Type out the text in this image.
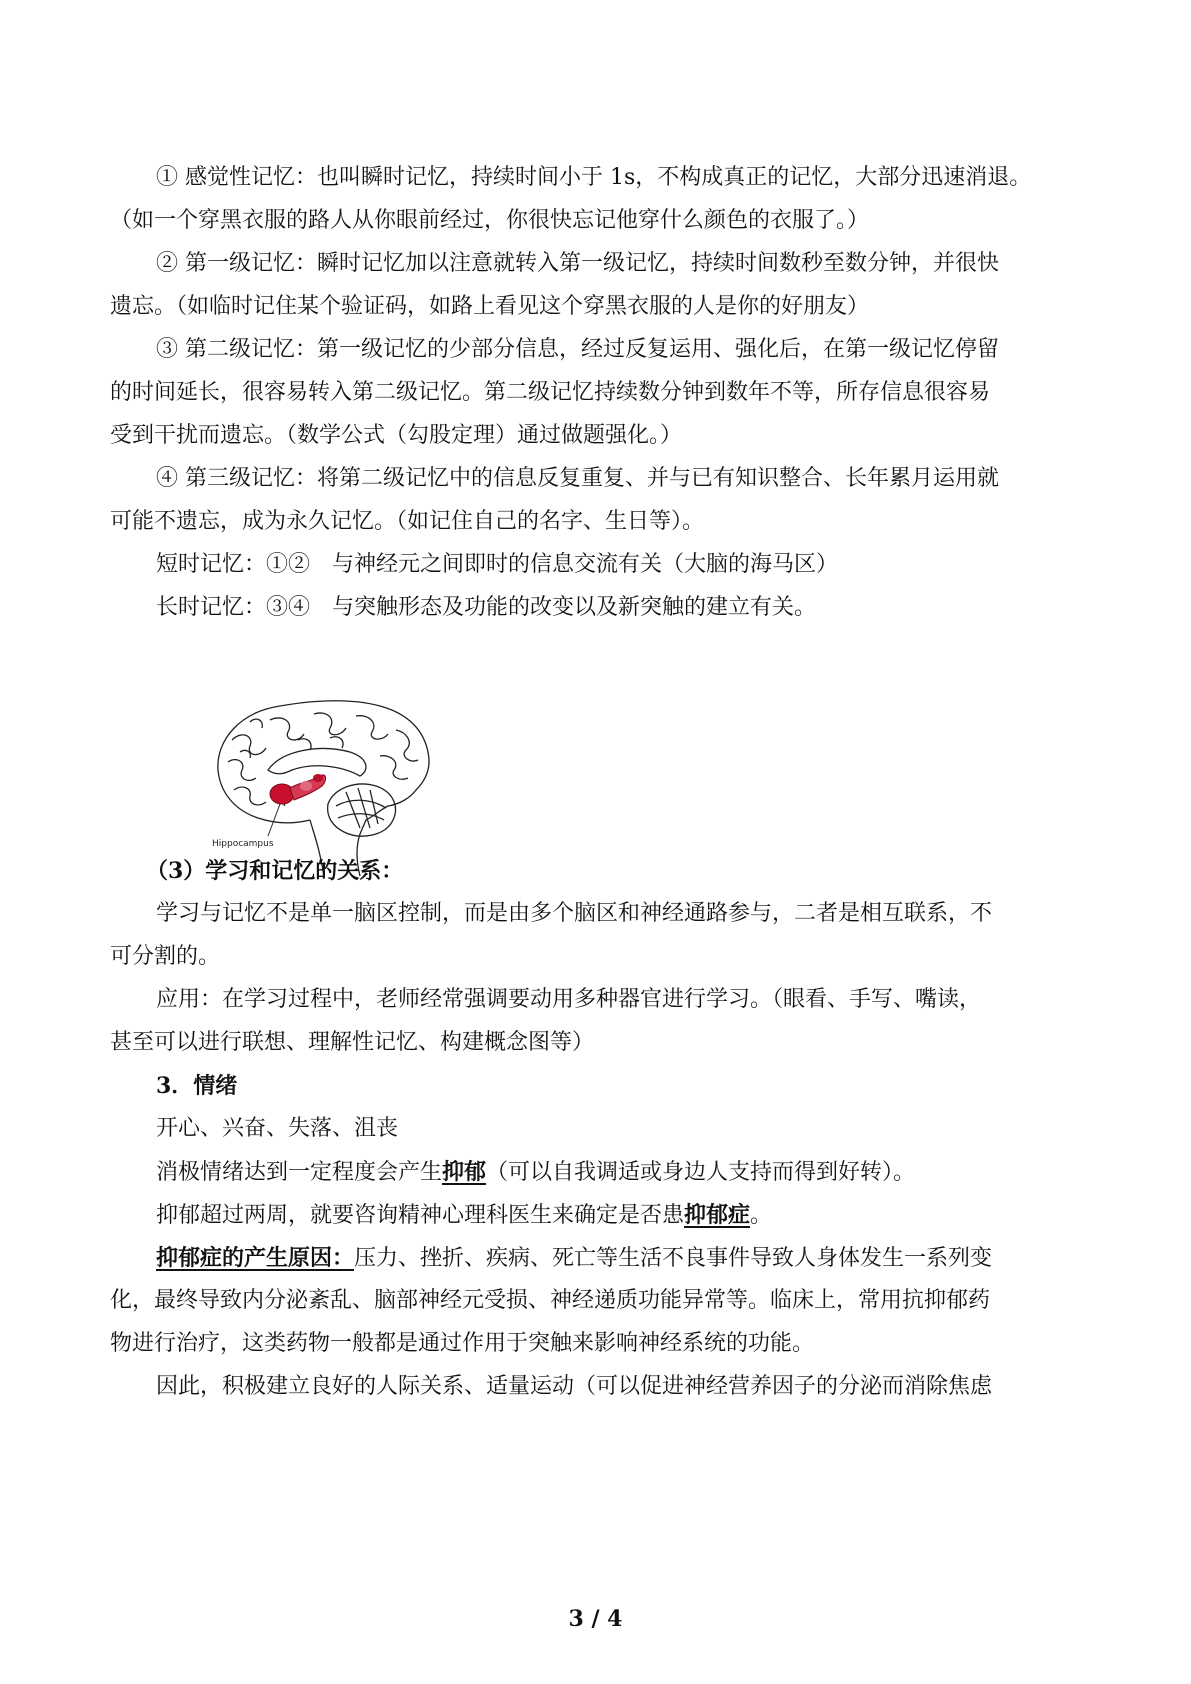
① 感觉性记忆：也叫瞬时记忆，持续时间小于 1s，不构成真正的记忆，大部分迅速消退。
（如一个穿黑衣服的路人从你眼前经过，你很快忘记他穿什么颜色的衣服了。）
② 第一级记忆：瞬时记忆加以注意就转入第一级记忆，持续时间数秒至数分钟，并很快
遗忘。（如临时记住某个验证码，如路上看见这个穿黑衣服的人是你的好朋友）
③ 第二级记忆：第一级记忆的少部分信息，经过反复运用、强化后，在第一级记忆停留
的时间延长，很容易转入第二级记忆。第二级记忆持续数分钟到数年不等，所存信息很容易
受到干扰而遗忘。（数学公式（勾股定理）通过做题强化。）
④ 第三级记忆：将第二级记忆中的信息反复重复、并与已有知识整合、长年累月运用就
可能不遗忘，成为永久记忆。（如记住自己的名字、生日等）。
短时记忆：①② 与神经元之间即时的信息交流有关（大脑的海马区）
长时记忆：③④ 与突触形态及功能的改变以及新突触的建立有关。
Hippocampus
（3）学习和记忆的关系：
学习与记忆不是单一脑区控制，而是由多个脑区和神经通路参与，二者是相互联系，不
可分割的。
应用：在学习过程中，老师经常强调要动用多种器官进行学习。（眼看、手写、嘴读，
甚至可以进行联想、理解性记忆、构建概念图等）
3．情绪
开心、兴奋、失落、沮丧
消极情绪达到一定程度会产生抑郁（可以自我调适或身边人支持而得到好转）。
抑郁超过两周，就要咨询精神心理科医生来确定是否患抑郁症。
抑郁症的产生原因：压力、挫折、疾病、死亡等生活不良事件导致人身体发生一系列变
化，最终导致内分泌紊乱、脑部神经元受损、神经递质功能异常等。临床上，常用抗抑郁药
物进行治疗，这类药物一般都是通过作用于突触来影响神经系统的功能。
因此，积极建立良好的人际关系、适量运动（可以促进神经营养因子的分泌而消除焦虑
3 / 4
